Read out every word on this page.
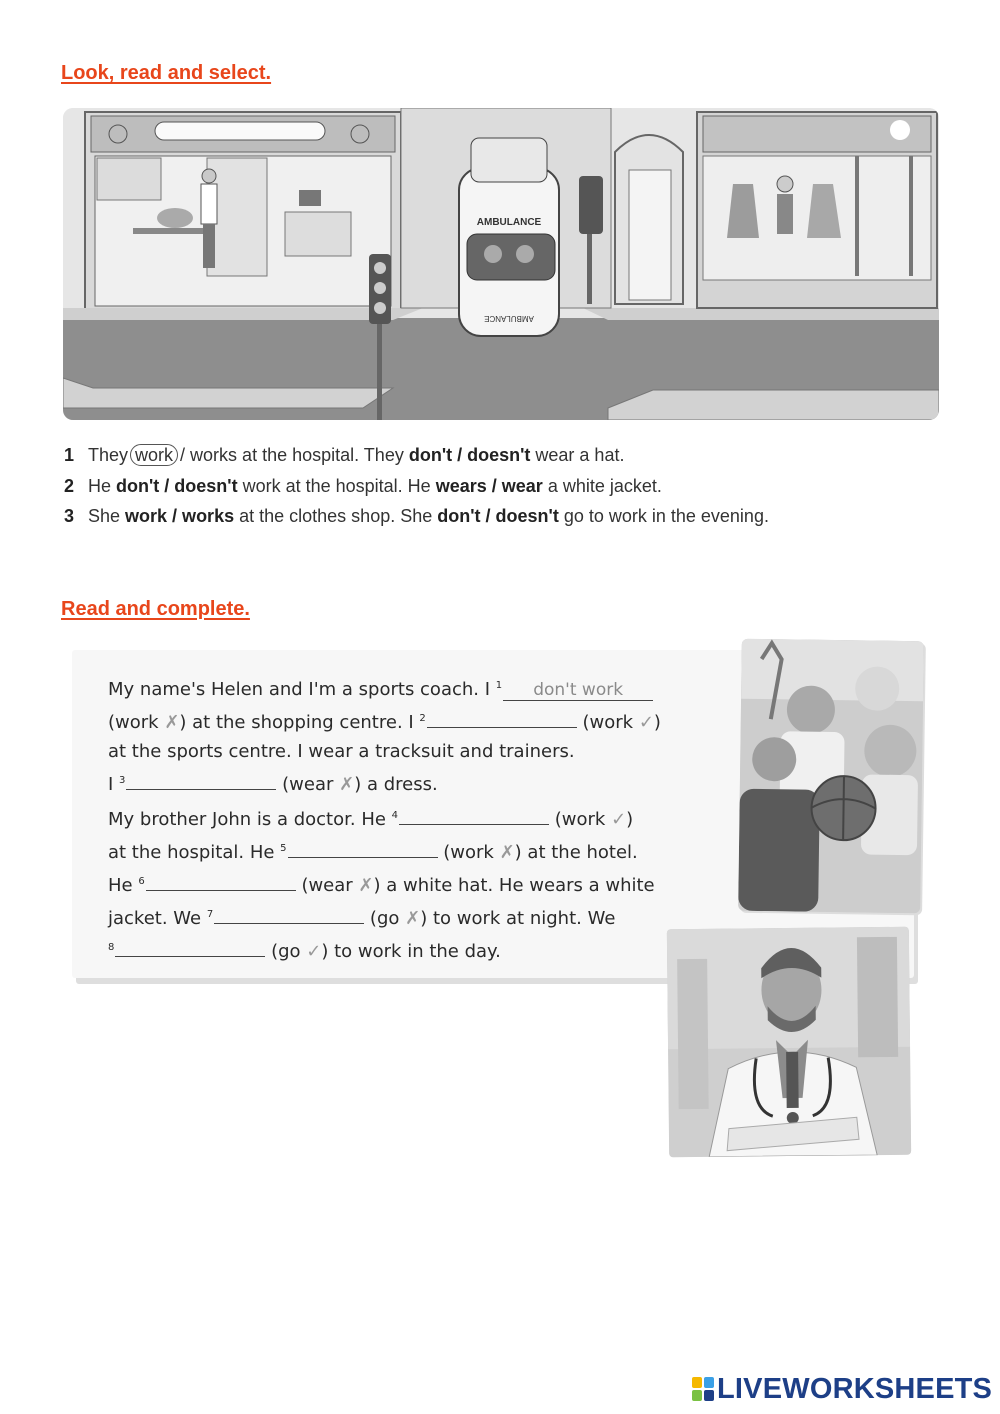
Look, read and select.
AMBULANCE
AMBULANCE
1 They work / works at the hospital. They don't / doesn't wear a hat.
2 He don't / doesn't work at the hospital. He wears / wear a white jacket.
3 She work / works at the clothes shop. She don't / doesn't go to work in the evening.
Read and complete.

My name's Helen and I'm a sports coach. I $^1$ don't work
(work ✗) at the shopping centre. I $^2$	(work ✓)
at the sports centre. I wear a tracksuit and trainers.
I $^3$	(wear ✗) a dress.

My brother John is a doctor. He $^4$	(work ✓)
at the hospital. He $^5$	(work ✗) at the hotel.
He $^6$	(wear ✗) a white hat. He wears a white
jacket. We $^7$	(go ✗) to work at night. We
$^8$	(go ✓) to work in the day.

LIVEWORKSHEETS
